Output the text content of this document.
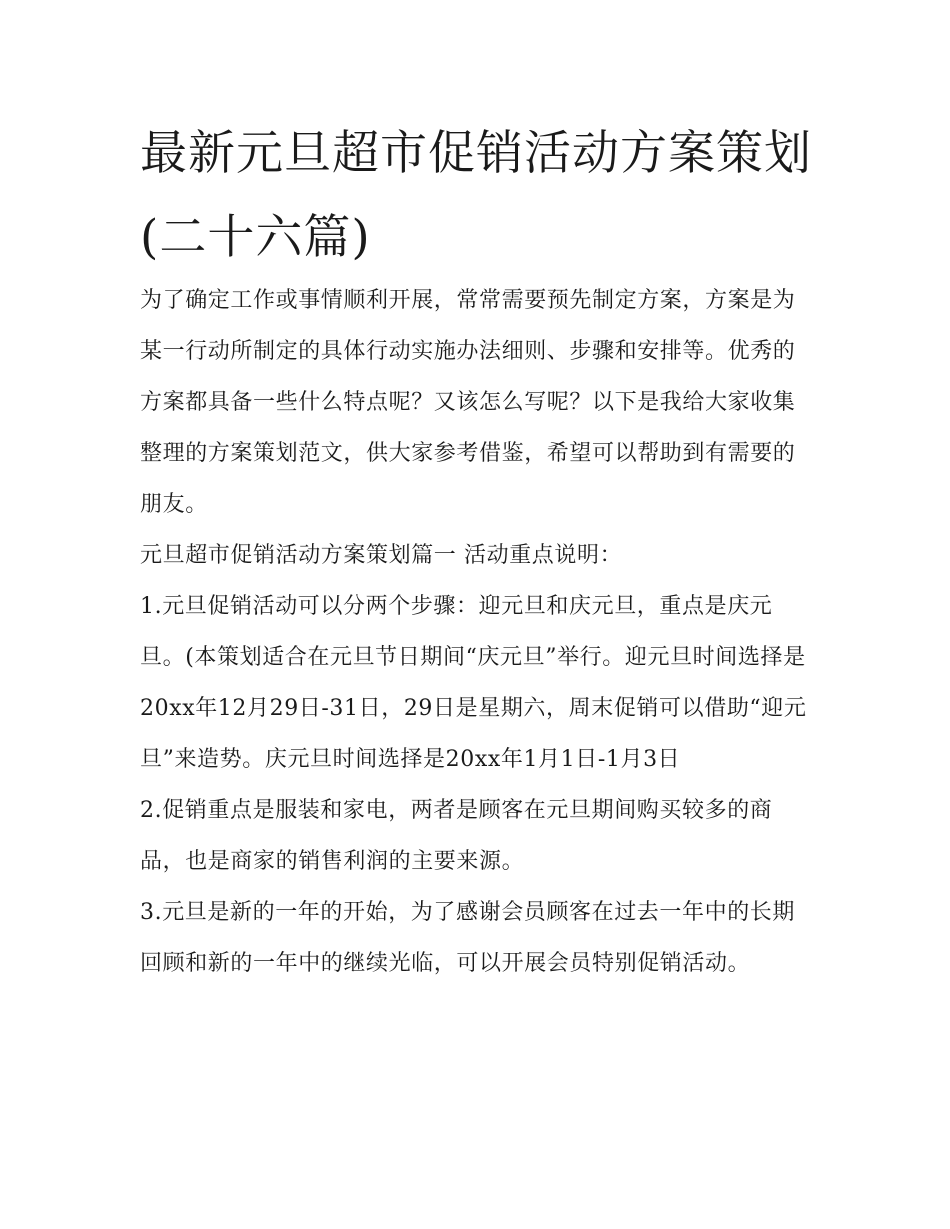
最新元旦超市促销活动方案策划(二十六篇)

为了确定工作或事情顺利开展，常常需要预先制定方案，方案是为某一行动所制定的具体行动实施办法细则、步骤和安排等。优秀的方案都具备一些什么特点呢？又该怎么写呢？以下是我给大家收集整理的方案策划范文，供大家参考借鉴，希望可以帮助到有需要的朋友。

元旦超市促销活动方案策划篇一 活动重点说明：

1.元旦促销活动可以分两个步骤：迎元旦和庆元旦，重点是庆元旦。(本策划适合在元旦节日期间“庆元旦”举行。迎元旦时间选择是20xx年12月29日-31日，29日是星期六，周末促销可以借助“迎元旦”来造势。庆元旦时间选择是20xx年1月1日-1月3日

2.促销重点是服装和家电，两者是顾客在元旦期间购买较多的商品，也是商家的销售利润的主要来源。

3.元旦是新的一年的开始，为了感谢会员顾客在过去一年中的长期回顾和新的一年中的继续光临，可以开展会员特别促销活动。
